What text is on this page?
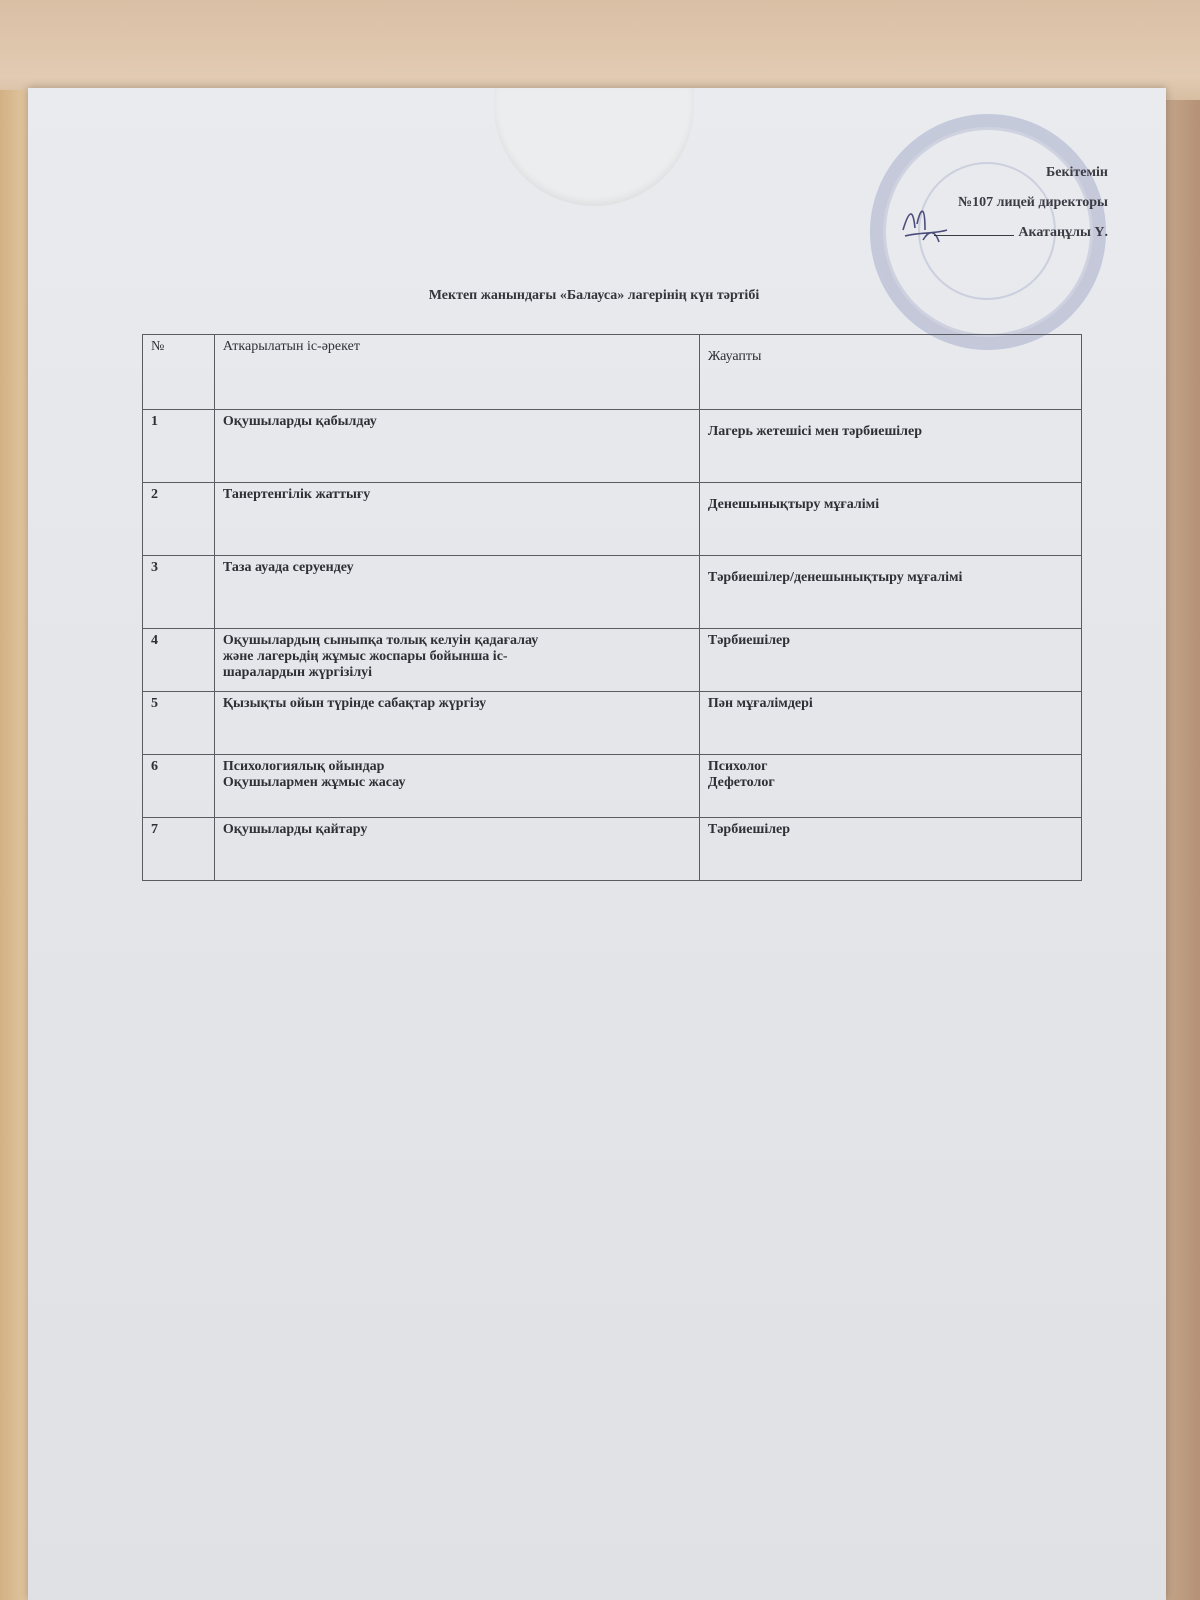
Бекітемін
№107 лицей директоры
Акатаңұлы Ү.
Мектеп жанындағы «Балауса» лагерінің күн тәртібі
№	Аткарылатын іс-әрекет	Жауапты
1	Оқушыларды қабылдау	Лагерь жетешісі мен тәрбиешілер

2	Танертенгілік жаттығу	Денешынықтыру мұғалімі

3	Таза ауада серуендеу	Тәрбиешілер/денешынықтыру мұғалімі

4	Оқушылардың сыныпқа толық келуін қадағалау
және лагерьдің жұмыс жоспары бойынша іс-
шаралардын жүргізілуі	Тәрбиешілер

5	Қызықты ойын түрінде сабақтар жүргізу	Пән мұғалімдері

6	Психологиялық ойындар
Оқушылармен жұмыс жасау	Психолог
Дефетолог

7	Оқушыларды қайтару	Тәрбиешілер
